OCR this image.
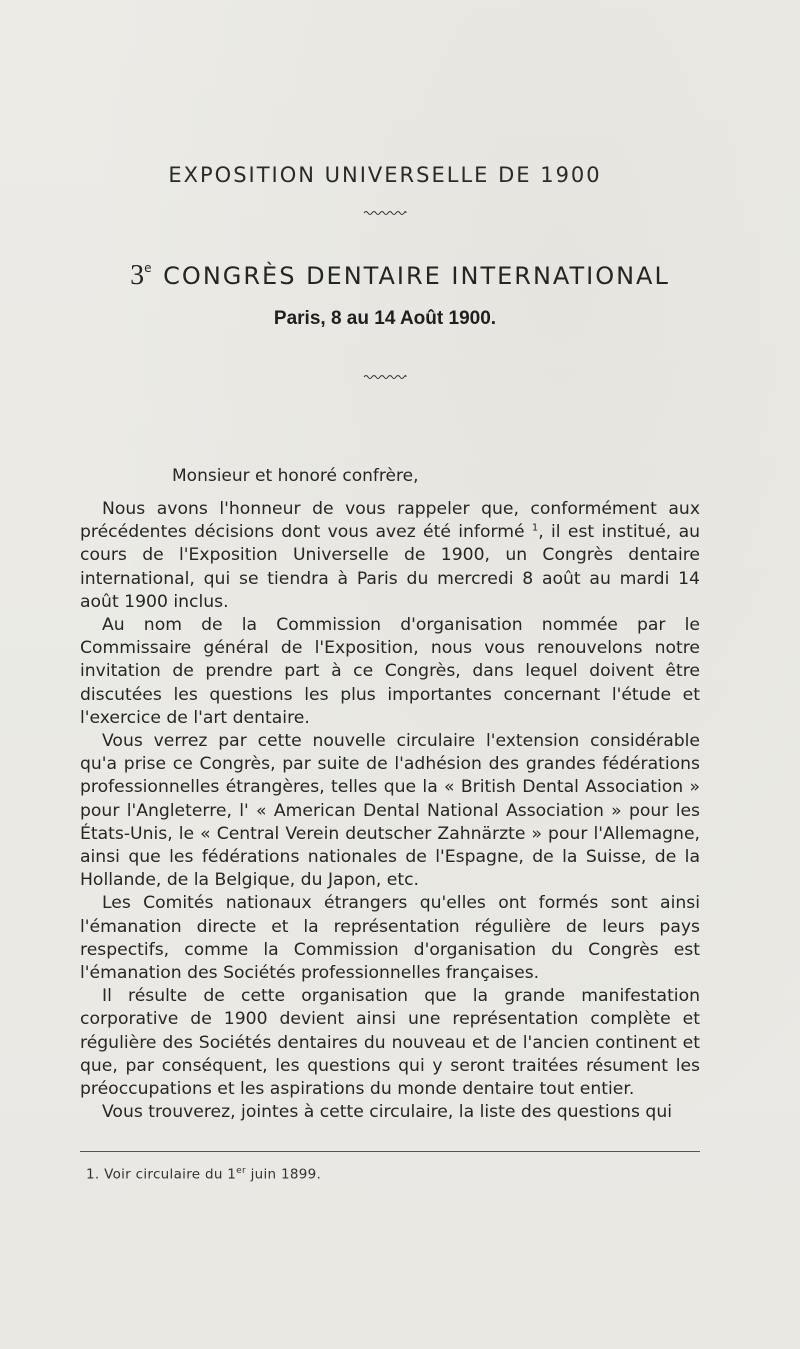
EXPOSITION UNIVERSELLE DE 1900
3e CONGRÈS DENTAIRE INTERNATIONAL
Paris, 8 au 14 Août 1900.
Monsieur et honoré confrère,

Nous avons l'honneur de vous rappeler que, conformément aux précédentes décisions dont vous avez été informé $^1$, il est institué, au cours de l'Exposition Universelle de 1900, un Congrès dentaire international, qui se tiendra à Paris du mercredi 8 août au mardi 14 août 1900 inclus.

Au nom de la Commission d'organisation nommée par le Commissaire général de l'Exposition, nous vous renouvelons notre invitation de prendre part à ce Congrès, dans lequel doivent être discutées les questions les plus importantes concernant l'étude et l'exercice de l'art dentaire.

Vous verrez par cette nouvelle circulaire l'extension considérable qu'a prise ce Congrès, par suite de l'adhésion des grandes fédérations professionnelles étrangères, telles que la « British Dental Association » pour l'Angleterre, l' « American Dental National Association » pour les États-Unis, le « Central Verein deutscher Zahnärzte » pour l'Allemagne, ainsi que les fédérations nationales de l'Espagne, de la Suisse, de la Hollande, de la Belgique, du Japon, etc.

Les Comités nationaux étrangers qu'elles ont formés sont ainsi l'émanation directe et la représentation régulière de leurs pays respectifs, comme la Commission d'organisation du Congrès est l'émanation des Sociétés professionnelles françaises.

Il résulte de cette organisation que la grande manifestation corporative de 1900 devient ainsi une représentation complète et régulière des Sociétés dentaires du nouveau et de l'ancien continent et que, par conséquent, les questions qui y seront traitées résument les préoccupations et les aspirations du monde dentaire tout entier.

Vous trouverez, jointes à cette circulaire, la liste des questions qui

1. Voir circulaire du 1er juin 1899.
